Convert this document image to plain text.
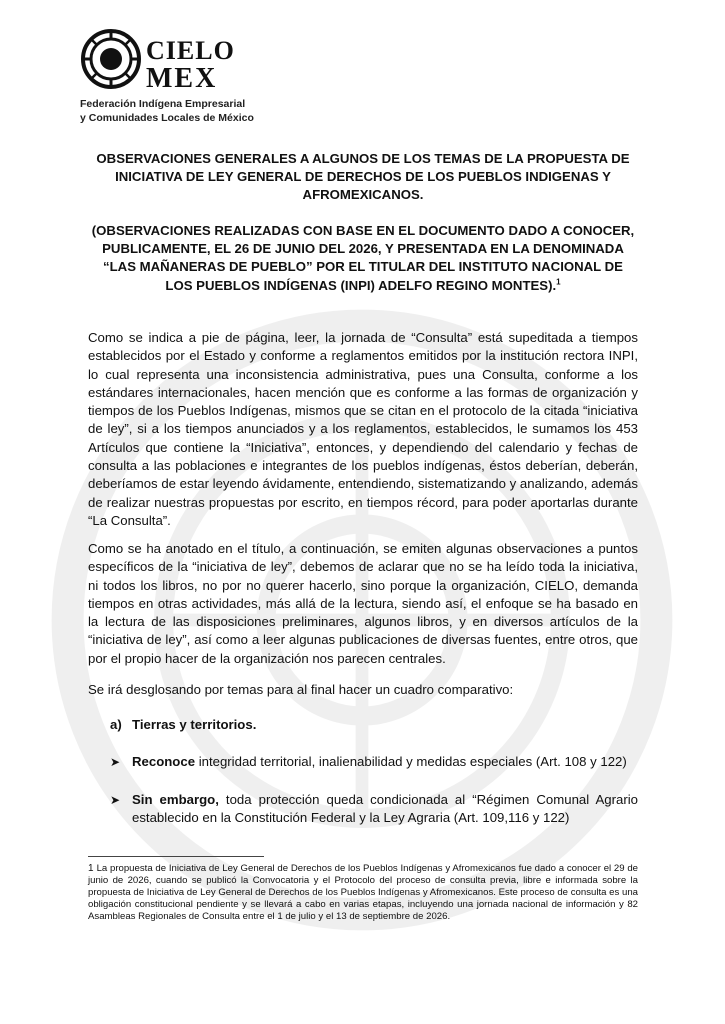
CIELO
MEX
Federación Indígena Empresarial
y Comunidades Locales de México
OBSERVACIONES GENERALES A ALGUNOS DE LOS TEMAS DE LA PROPUESTA DE INICIATIVA DE LEY GENERAL DE DERECHOS DE LOS PUEBLOS INDIGENAS Y AFROMEXICANOS.
(OBSERVACIONES REALIZADAS CON BASE EN EL DOCUMENTO DADO A CONOCER, PUBLICAMENTE, EL 26 DE JUNIO DEL 2026, Y PRESENTADA EN LA DENOMINADA “LAS MAÑANERAS DE PUEBLO” POR EL TITULAR DEL INSTITUTO NACIONAL DE LOS PUEBLOS INDÍGENAS (INPI) ADELFO REGINO MONTES).$^1$

Como se indica a pie de página, leer, la jornada de “Consulta” está supeditada a tiempos establecidos por el Estado y conforme a reglamentos emitidos por la institución rectora INPI, lo cual representa una inconsistencia administrativa, pues una Consulta, conforme a los estándares internacionales, hacen mención que es conforme a las formas de organización y tiempos de los Pueblos Indígenas, mismos que se citan en el protocolo de la citada “iniciativa de ley”, si a los tiempos anunciados y a los reglamentos, establecidos, le sumamos los 453 Artículos que contiene la “Iniciativa”, entonces, y dependiendo del calendario y fechas de consulta a las poblaciones e integrantes de los pueblos indígenas, éstos deberían, deberán, deberíamos de estar leyendo ávidamente, entendiendo, sistematizando y analizando, además de realizar nuestras propuestas por escrito, en tiempos récord, para poder aportarlas durante “La Consulta”.

Como se ha anotado en el título, a continuación, se emiten algunas observaciones a puntos específicos de la “iniciativa de ley”, debemos de aclarar que no se ha leído toda la iniciativa, ni todos los libros, no por no querer hacerlo, sino porque la organización, CIELO, demanda tiempos en otras actividades, más allá de la lectura, siendo así, el enfoque se ha basado en la lectura de las disposiciones preliminares, algunos libros, y en diversos artículos de la “iniciativa de ley”, así como a leer algunas publicaciones de diversas fuentes, entre otros, que por el propio hacer de la organización nos parecen centrales.

Se irá desglosando por temas para al final hacer un cuadro comparativo:

a) Tierras y territorios.
➤ Reconoce integridad territorial, inalienabilidad y medidas especiales (Art. 108 y 122)
➤ Sin embargo, toda protección queda condicionada al “Régimen Comunal Agrario establecido en la Constitución Federal y la Ley Agraria (Art. 109,116 y 122)

1 La propuesta de Iniciativa de Ley General de Derechos de los Pueblos Indígenas y Afromexicanos fue dado a conocer el 29 de junio de 2026, cuando se publicó la Convocatoria y el Protocolo del proceso de consulta previa, libre e informada sobre la propuesta de Iniciativa de Ley General de Derechos de los Pueblos Indígenas y Afromexicanos. Este proceso de consulta es una obligación constitucional pendiente y se llevará a cabo en varias etapas, incluyendo una jornada nacional de información y 82 Asambleas Regionales de Consulta entre el 1 de julio y el 13 de septiembre de 2026.
